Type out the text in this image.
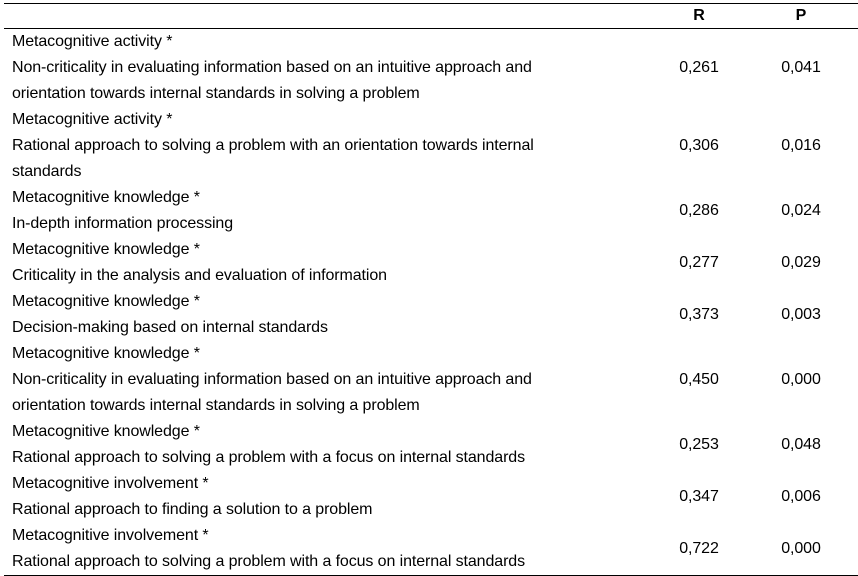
	R	P

Metacognitive activity *
Non-criticality in evaluating information based on an intuitive approach and
orientation towards internal standards in solving a problem	0,261	0,041

Metacognitive activity *
Rational approach to solving a problem with an orientation towards internal
standards	0,306	0,016

Metacognitive knowledge *
In-depth information processing	0,286	0,024

Metacognitive knowledge *
Criticality in the analysis and evaluation of information	0,277	0,029

Metacognitive knowledge *
Decision-making based on internal standards	0,373	0,003

Metacognitive knowledge *
Non-criticality in evaluating information based on an intuitive approach and
orientation towards internal standards in solving a problem	0,450	0,000

Metacognitive knowledge *
Rational approach to solving a problem with a focus on internal standards	0,253	0,048

Metacognitive involvement *
Rational approach to finding a solution to a problem	0,347	0,006

Metacognitive involvement *
Rational approach to solving a problem with a focus on internal standards	0,722	0,000
